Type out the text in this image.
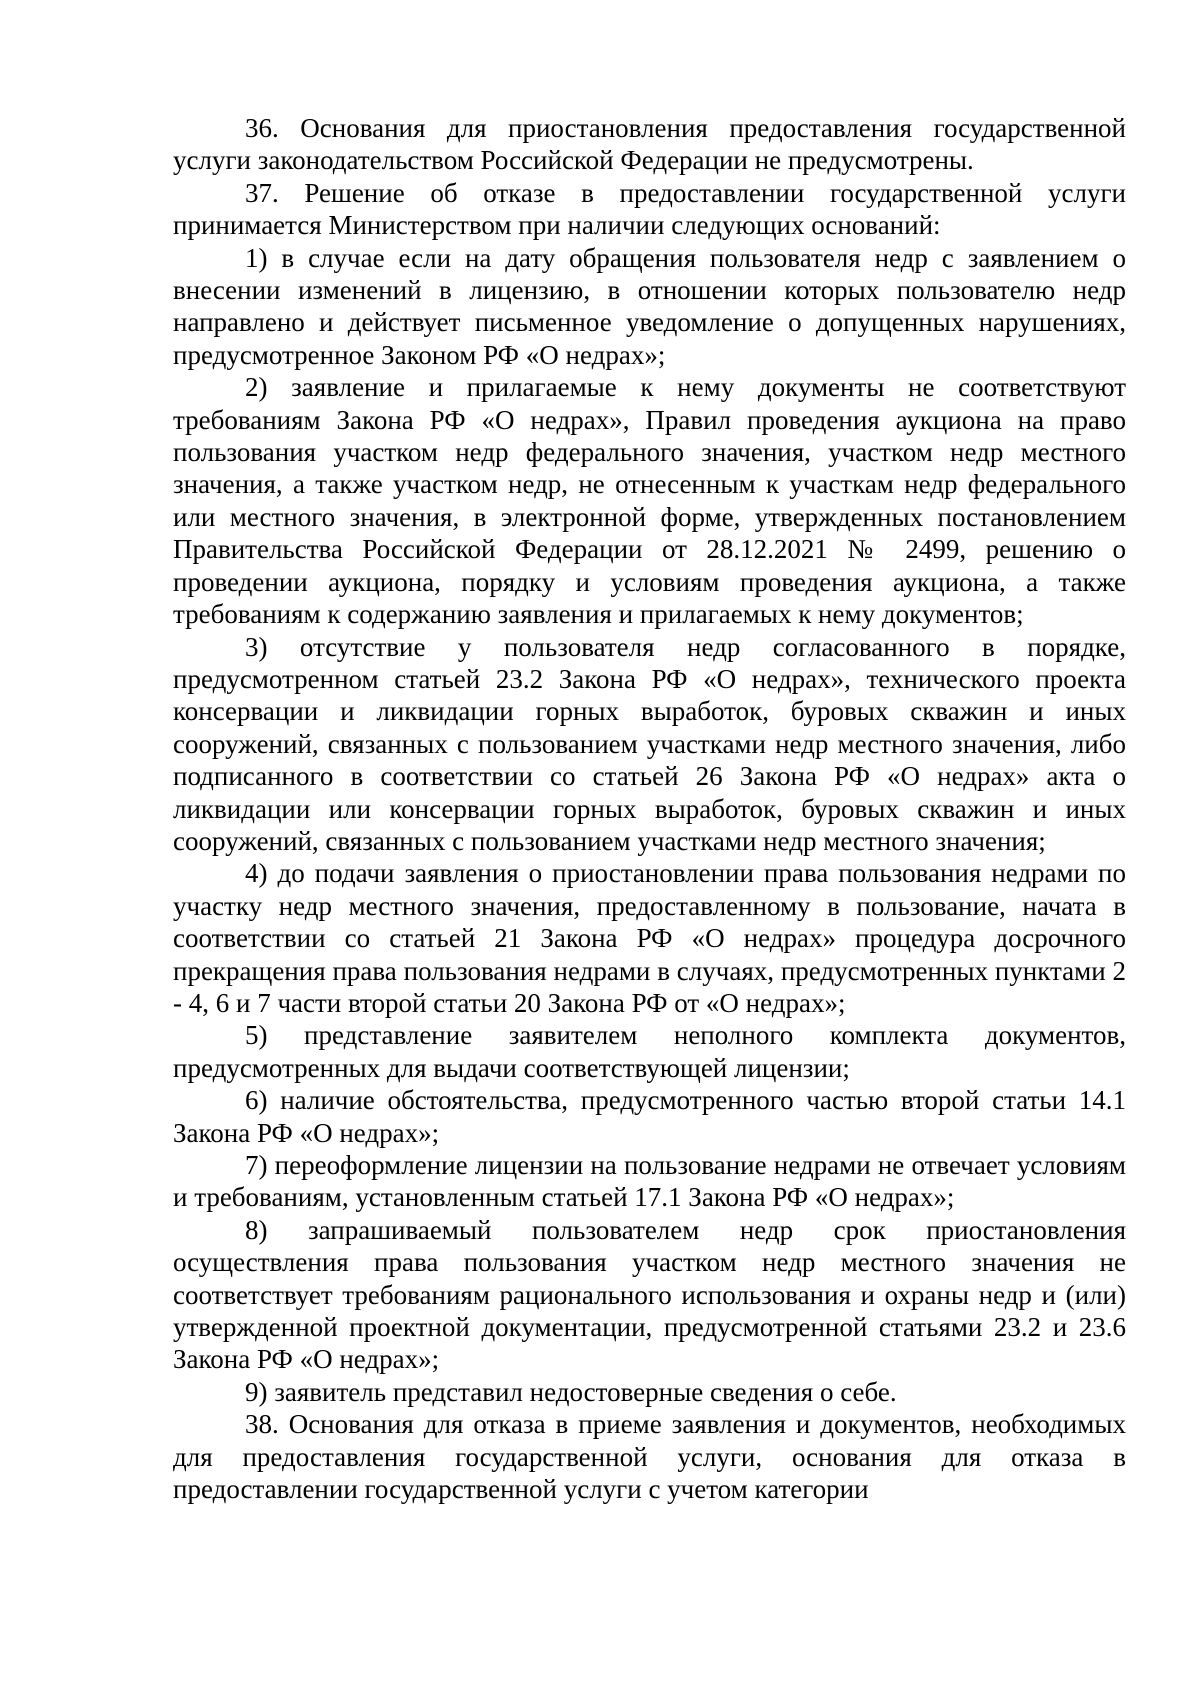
36. Основания для приостановления предоставления государственной услуги законодательством Российской Федерации не предусмотрены.

37. Решение об отказе в предоставлении государственной услуги принимается Министерством при наличии следующих оснований:

1) в случае если на дату обращения пользователя недр с заявлением о внесении изменений в лицензию, в отношении которых пользователю недр направлено и действует письменное уведомление о допущенных нарушениях, предусмотренное Законом РФ «О недрах»;

2) заявление и прилагаемые к нему документы не соответствуют требованиям Закона РФ «О недрах», Правил проведения аукциона на право пользования участком недр федерального значения, участком недр местного значения, а также участком недр, не отнесенным к участкам недр федерального или местного значения, в электронной форме, утвержденных постановлением Правительства Российской Федерации от 28.12.2021 № 2499, решению о проведении аукциона, порядку и условиям проведения аукциона, а также требованиям к содержанию заявления и прилагаемых к нему документов;

3) отсутствие у пользователя недр согласованного в порядке, предусмотренном статьей 23.2 Закона РФ «О недрах», технического проекта консервации и ликвидации горных выработок, буровых скважин и иных сооружений, связанных с пользованием участками недр местного значения, либо подписанного в соответствии со статьей 26 Закона РФ «О недрах» акта о ликвидации или консервации горных выработок, буровых скважин и иных сооружений, связанных с пользованием участками недр местного значения;

4) до подачи заявления о приостановлении права пользования недрами по участку недр местного значения, предоставленному в пользование, начата в соответствии со статьей 21 Закона РФ «О недрах» процедура досрочного прекращения права пользования недрами в случаях, предусмотренных пунктами 2 - 4, 6 и 7 части второй статьи 20 Закона РФ от «О недрах»;

5) представление заявителем неполного комплекта документов, предусмотренных для выдачи соответствующей лицензии;

6) наличие обстоятельства, предусмотренного частью второй статьи 14.1 Закона РФ «О недрах»;

7) переоформление лицензии на пользование недрами не отвечает условиям и требованиям, установленным статьей 17.1 Закона РФ «О недрах»;

8) запрашиваемый пользователем недр срок приостановления осуществления права пользования участком недр местного значения не соответствует требованиям рационального использования и охраны недр и (или) утвержденной проектной документации, предусмотренной статьями 23.2 и 23.6 Закона РФ «О недрах»;

9) заявитель представил недостоверные сведения о себе.

38. Основания для отказа в приеме заявления и документов, необходимых для предоставления государственной услуги, основания для отказа в предоставлении государственной услуги с учетом категории
